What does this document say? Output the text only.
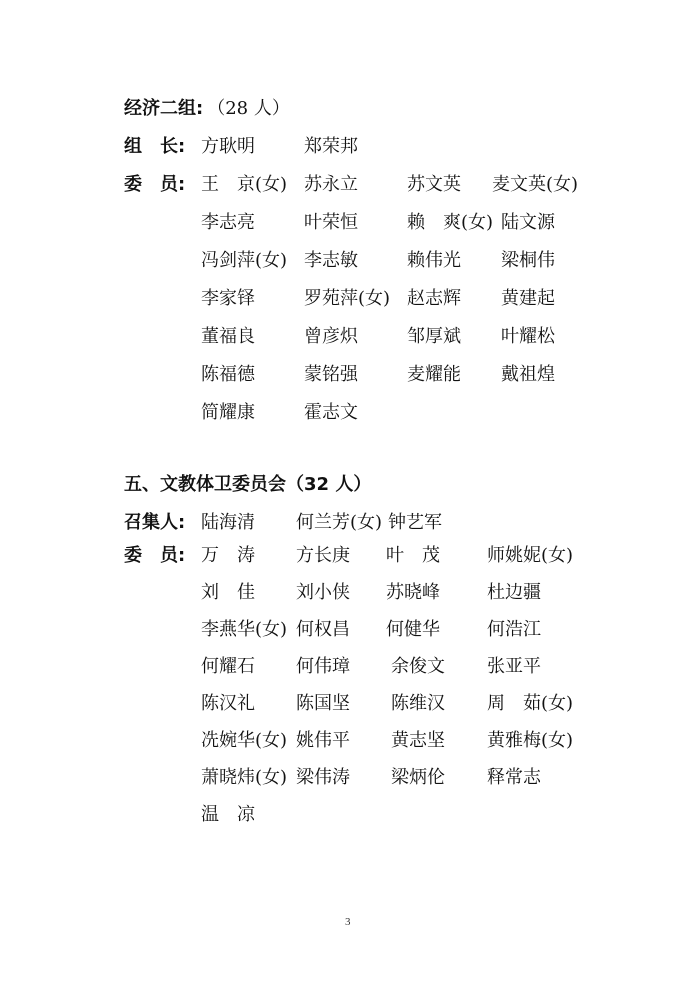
经济二组: （28 人）
组　长: 方耿明	郑荣邦
委　员: 王　京(女) 苏永立	苏文英 麦文英(女)
李志亮	叶荣恒	赖　爽(女) 陆文源
冯剑萍(女) 李志敏	赖伟光 梁桐伟
李家铎	罗苑萍(女) 赵志辉 黄建起
董福良	曾彦炽	邹厚斌 叶耀松
陈福德	蒙铭强	麦耀能 戴祖煌
简耀康	霍志文
五、文教体卫委员会（32 人）
召集人: 陆海清 何兰芳(女) 钟艺军
委　员: 万　涛 方长庚 叶　茂	师姚妮(女)
刘　佳 刘小侠 苏晓峰	杜边疆
李燕华(女) 何权昌 何健华	何浩江
何耀石 何伟璋 余俊文 张亚平
陈汉礼 陈国坚 陈维汉 周　茹(女)
冼婉华(女) 姚伟平 黄志坚 黄雅梅(女)
萧晓炜(女) 梁伟涛 梁炳伦 释常志
温　凉
3
